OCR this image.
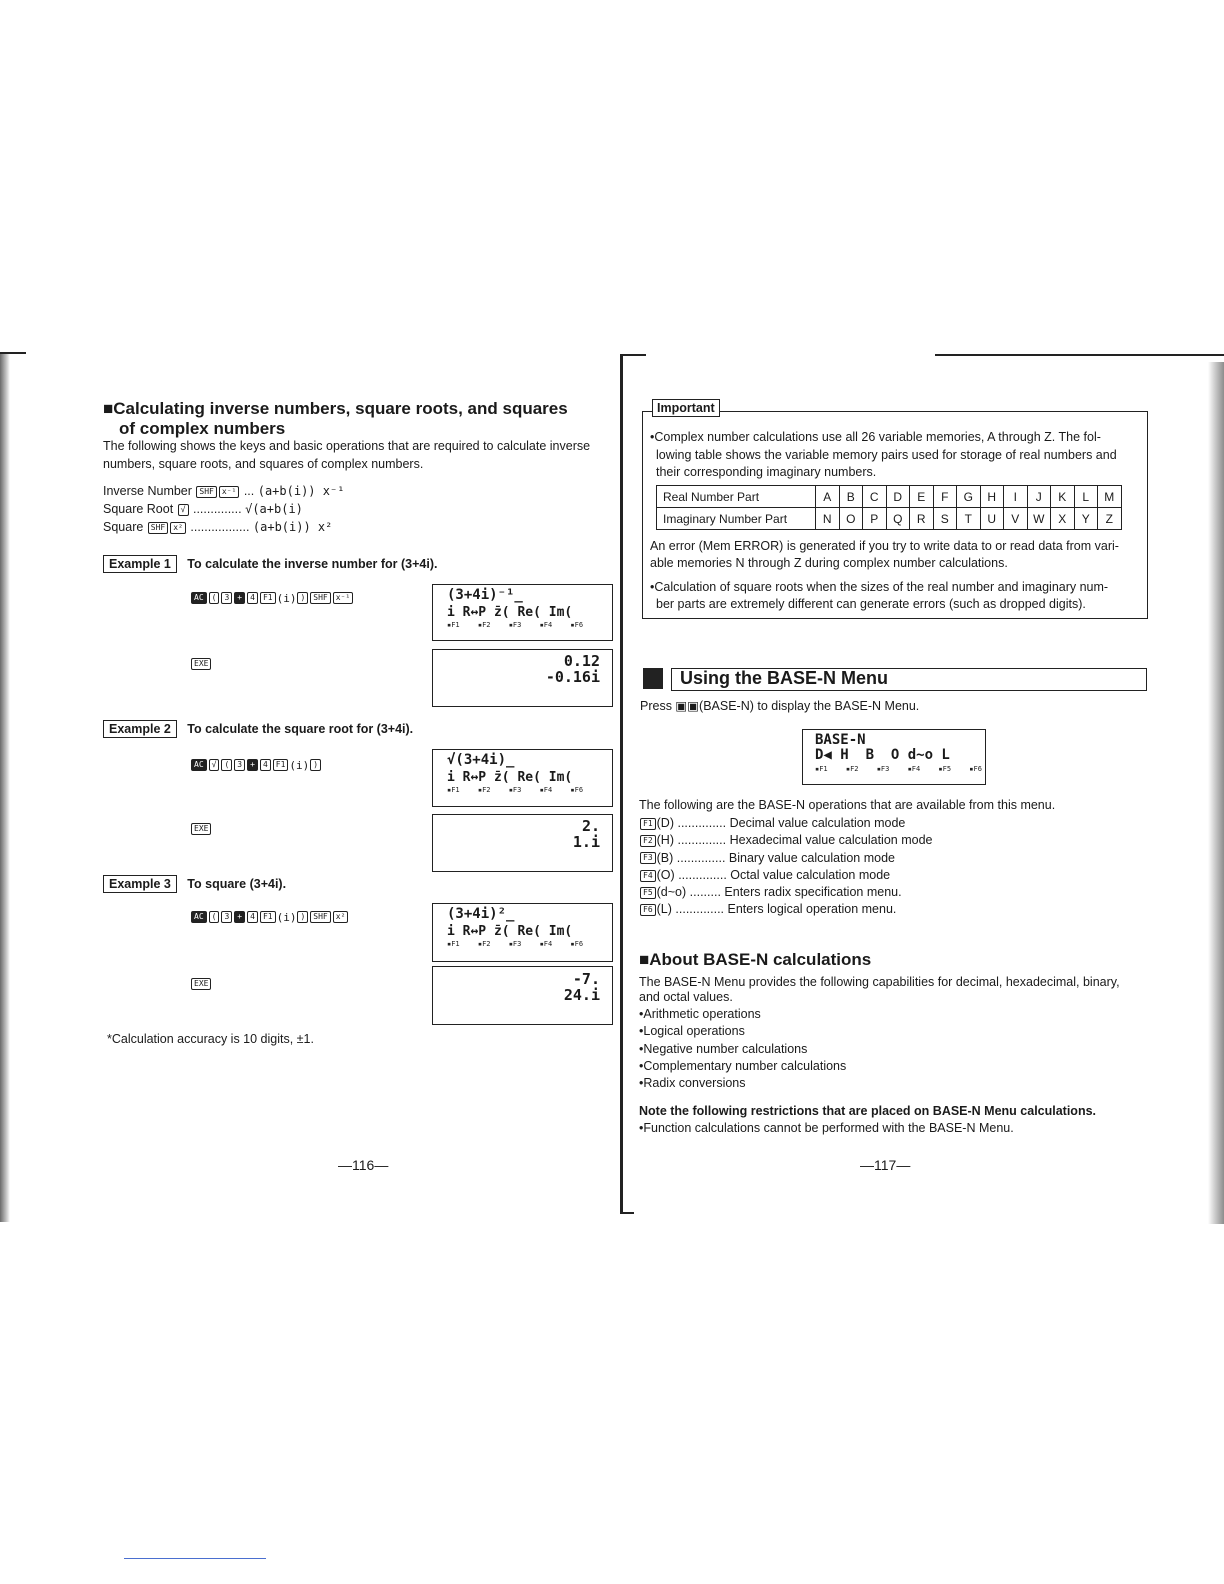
■Calculating inverse numbers, square roots, and squares
of complex numbers
The following shows the keys and basic operations that are required to calculate inverse
numbers, square roots, and squares of complex numbers.
Inverse Number SHF x⁻¹ ... (a+b(i)) x⁻¹
Square Root √ .............. √(a+b(i)
Square SHF x² ................. (a+b(i)) x²
Example 1 To calculate the inverse number for (3+4i).
AC ( 3 + 4 F1 (i) ) SHF x⁻¹	(3+4i)⁻¹_
i R↔P z̄( Re( Im(
▪F1 ▪F2 ▪F3 ▪F4 ▪F6
EXE	0.12
-0.16i
Example 2 To calculate the square root for (3+4i).
AC √ ( 3 + 4 F1 (i) )	√(3+4i)_
i R↔P z̄( Re( Im(
▪F1 ▪F2 ▪F3 ▪F4 ▪F6
EXE	2.
1.i
Example 3 To square (3+4i).
AC ( 3 + 4 F1 (i) ) SHF x²	(3+4i)²_
i R↔P z̄( Re( Im(
▪F1 ▪F2 ▪F3 ▪F4 ▪F6
EXE	-7.
24.i
*Calculation accuracy is 10 digits, ±1.
—116—
Important
•Complex number calculations use all 26 variable memories, A through Z. The fol-
lowing table shows the variable memory pairs used for storage of real numbers and
their corresponding imaginary numbers.
Real Number Part	A	B	C	D	E	F	G	H	I	J	K	L	M
Imaginary Number Part	N	O	P	Q	R	S	T	U	V	W	X	Y	Z
An error (Mem ERROR) is generated if you try to write data to or read data from vari-
able memories N through Z during complex number calculations.
•Calculation of square roots when the sizes of the real number and imaginary num-
ber parts are extremely different can generate errors (such as dropped digits).
Using the BASE-N Menu
Press ▣▣(BASE-N) to display the BASE-N Menu.
BASE-N
D◀ H  B  O d~o L
▪F1 ▪F2 ▪F3 ▪F4 ▪F5 ▪F6
The following are the BASE-N operations that are available from this menu.
F1 (D) .............. Decimal value calculation mode
F2 (H) .............. Hexadecimal value calculation mode
F3 (B) .............. Binary value calculation mode
F4 (O) .............. Octal value calculation mode
F5 (d~o) ......... Enters radix specification menu.
F6 (L) .............. Enters logical operation menu.
■About BASE-N calculations
The BASE-N Menu provides the following capabilities for decimal, hexadecimal, binary,
and octal values.
•Arithmetic operations
•Logical operations
•Negative number calculations
•Complementary number calculations
•Radix conversions
Note the following restrictions that are placed on BASE-N Menu calculations.
•Function calculations cannot be performed with the BASE-N Menu.
—117—
